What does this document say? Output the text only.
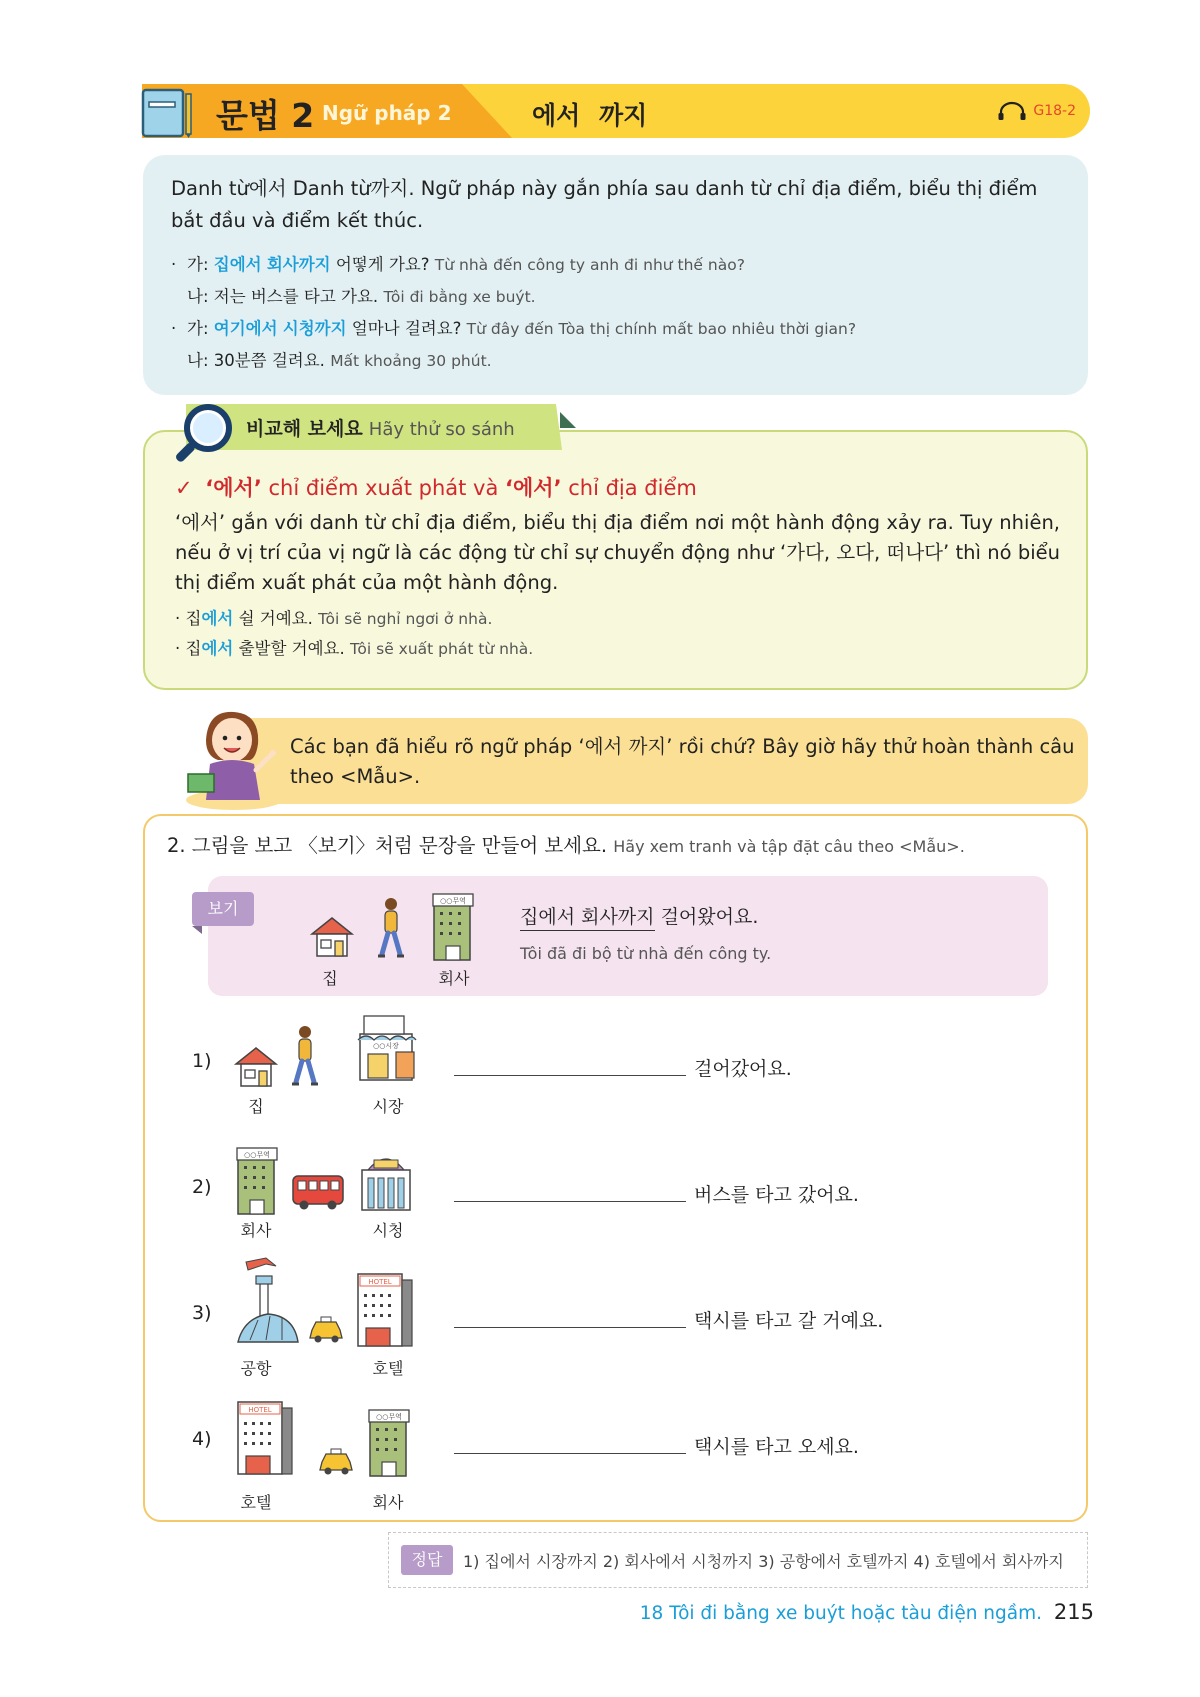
문법 2 Ngữ pháp 2	에서 까지	G18-2
Danh từ에서 Danh từ까지. Ngữ pháp này gắn phía sau danh từ chỉ địa điểm, biểu thị điểm bắt đầu và điểm kết thúc.
· 가: 집에서 회사까지 어떻게 가요? Từ nhà đến công ty anh đi như thế nào?
나: 저는 버스를 타고 가요. Tôi đi bằng xe buýt.
· 가: 여기에서 시청까지 얼마나 걸려요? Từ đây đến Tòa thị chính mất bao nhiêu thời gian?
나: 30분쯤 걸려요. Mất khoảng 30 phút.
✓ ‘에서’ chỉ điểm xuất phát và ‘에서’ chỉ địa điểm
‘에서’ gắn với danh từ chỉ địa điểm, biểu thị địa điểm nơi một hành động xảy ra. Tuy nhiên, nếu ở vị trí của vị ngữ là các động từ chỉ sự chuyển động như ‘가다, 오다, 떠나다’ thì nó biểu thị điểm xuất phát của một hành động.
· 집에서 쉴 거예요. Tôi sẽ nghỉ ngơi ở nhà.
· 집에서 출발할 거예요. Tôi sẽ xuất phát từ nhà.
비교해 보세요 Hãy thử so sánh
Các bạn đã hiểu rõ ngữ pháp ‘에서 까지’ rồi chứ? Bây giờ hãy thử hoàn thành câu theo <Mẫu>.
2. 그림을 보고 〈보기〉처럼 문장을 만들어 보세요. Hãy xem tranh và tập đặt câu theo <Mẫu>.
보기	○○무역
집	회사
집에서 회사까지 걸어왔어요.
Tôi đã đi bộ từ nhà đến công ty.
1)
○○시장
집	시장
걸어갔어요.
2)
○○무역
회사	시청
버스를 타고 갔어요.
3)
HOTEL
공항	호텔
택시를 타고 갈 거예요.
4)
HOTEL
○○무역
호텔	회사
택시를 타고 오세요.
정답	1) 집에서 시장까지 2) 회사에서 시청까지 3) 공항에서 호텔까지 4) 호텔에서 회사까지
18 Tôi đi bằng xe buýt hoặc tàu điện ngầm. 215
